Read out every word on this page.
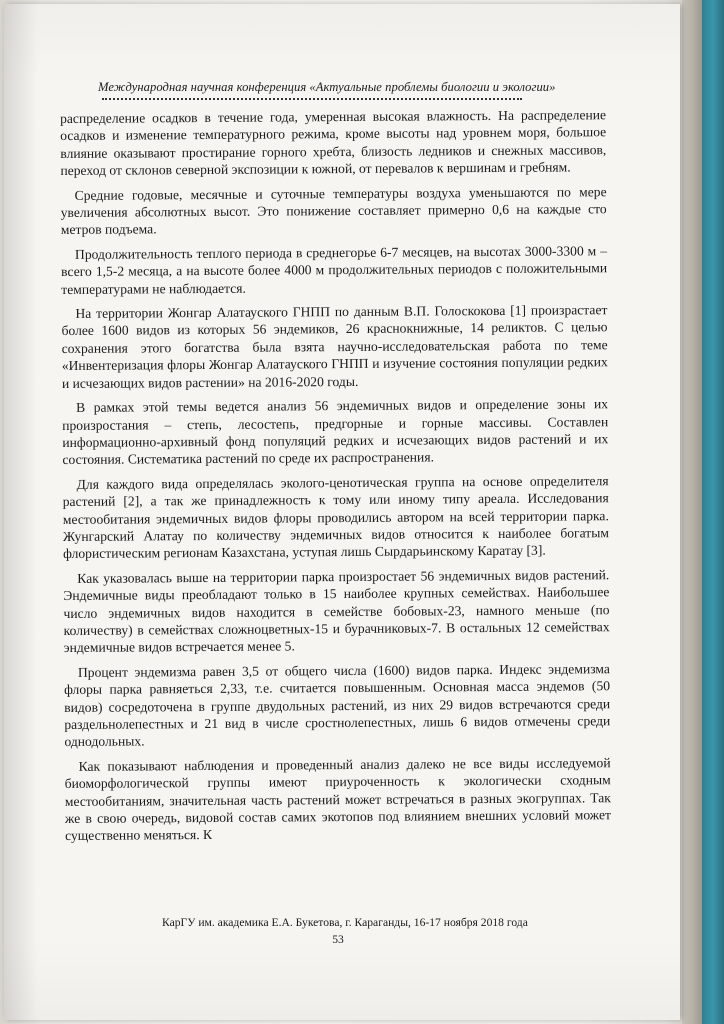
Международная научная конференция «Актуальные проблемы биологии и экологии»

распределение осадков в течение года, умеренная высокая влажность. На распределение осадков и изменение температурного режима, кроме высоты над уровнем моря, большое влияние оказывают простирание горного хребта, близость ледников и снежных массивов, переход от склонов северной экспозиции к южной, от перевалов к вершинам и гребням.

Средние годовые, месячные и суточные температуры воздуха уменьшаются по мере увеличения абсолютных высот. Это понижение составляет примерно 0,6 на каждые сто метров подъема.

Продолжительность теплого периода в среднегорье 6-7 месяцев, на высотах 3000-3300 м – всего 1,5-2 месяца, а на высоте более 4000 м продолжительных периодов с положительными температурами не наблюдается.

На территории Жонгар Алатауского ГНПП по данным В.П. Голоскокова [1] произрастает более 1600 видов из которых 56 эндемиков, 26 краснокнижные, 14 реликтов. С целью сохранения этого богатства была взята научно-исследовательская работа по теме «Инвентеризация флоры Жонгар Алатауского ГНПП и изучение состояния популяции редких и исчезающих видов растении» на 2016-2020 годы.

В рамках этой темы ведется анализ 56 эндемичных видов и определение зоны их произростания – степь, лесостепь, предгорные и горные массивы. Составлен информационно-архивный фонд популяций редких и исчезающих видов растений и их состояния. Систематика растений по среде их распространения.

Для каждого вида определялась эколого-ценотическая группа на основе определителя растений [2], а так же принадлежность к тому или иному типу ареала. Исследования местообитания эндемичных видов флоры проводились автором на всей территории парка. Жунгарский Алатау по количеству эндемичных видов относится к наиболее богатым флористическим регионам Казахстана, уступая лишь Сырдарьинскому Каратау [3].

Как указовалась выше на территории парка произростает 56 эндемичных видов растений. Эндемичные виды преоблaдают только в 15 наиболее крупных семействах. Наибольшее число эндемичных видов находится в семействе бобовых-23, намного меньше (по количеству) в семействах сложноцветных-15 и бурачниковых-7. В остальных 12 семействах эндемичные видов встречается менее 5.

Процент эндемизма равен 3,5 от общего числа (1600) видов парка. Индекс эндемизма флоры парка равняеться 2,33, т.е. считается повышенным. Основная масса эндемов (50 видов) сосредоточена в группе двудольных растений, из них 29 видов встречаются среди раздельнолепестных и 21 вид в числе сростнолепестных, лишь 6 видов отмечены среди однодольных.

Как показывают наблюдения и проведенный анализ далеко не все виды исследуемой биоморфологической группы имеют приуроченность к экологически сходным местообитаниям, значительная часть растений может встречаться в разных экогруппах. Так же в свою очередь, видовой состав самих экотопов под влиянием внешних условий может существенно меняться. К

КарГУ им. академика Е.А. Букетова, г. Караганды, 16-17 ноября 2018 года
53
